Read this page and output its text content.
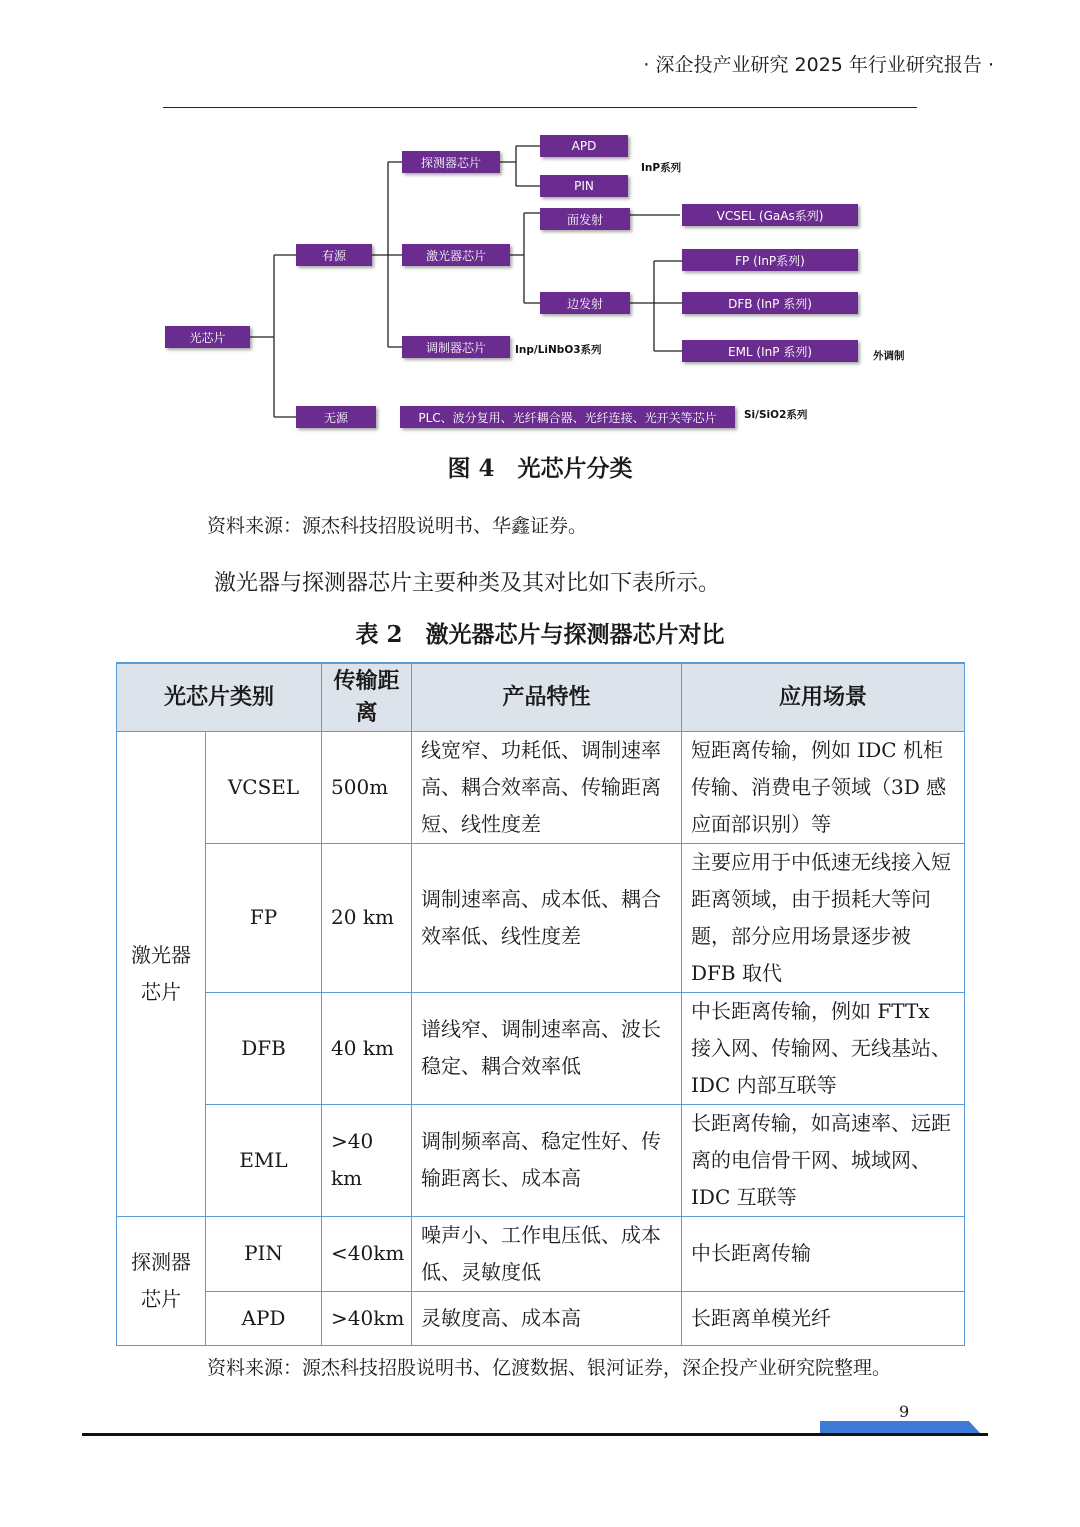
· 深企投产业研究 2025 年行业研究报告 ·
光芯片
有源
无源
探测器芯片
激光器芯片
调制器芯片
APD
PIN
InP系列
面发射
边发射
VCSEL (GaAs系列)
FP (InP系列)
DFB (InP 系列)
EML (InP 系列)	外调制
Inp/LiNbO3系列
PLC、波分复用、光纤耦合器、光纤连接、光开关等芯片	Si/SiO2系列
图 4　光芯片分类
资料来源：源杰科技招股说明书、华鑫证券。
激光器与探测器芯片主要种类及其对比如下表所示。
表 2　激光器芯片与探测器芯片对比
光芯片类别		传输距离	产品特性	应用场景
激光器芯片	VCSEL	500m	线宽窄、功耗低、调制速率高、耦合效率高、传输距离短、线性度差	短距离传输，例如 IDC 机柜传输、消费电子领域（3D 感应面部识别）等
	FP	20 km	调制速率高、成本低、耦合效率低、线性度差	主要应用于中低速无线接入短距离领域，由于损耗大等问题，部分应用场景逐步被 DFB 取代
	DFB	40 km	谱线窄、调制速率高、波长稳定、耦合效率低	中长距离传输，例如 FTTx 接入网、传输网、无线基站、IDC 内部互联等
	EML	>40 km	调制频率高、稳定性好、传输距离长、成本高	长距离传输，如高速率、远距离的电信骨干网、城域网、IDC 互联等
探测器芯片	PIN	<40km	噪声小、工作电压低、成本低、灵敏度低	中长距离传输
	APD	>40km	灵敏度高、成本高	长距离单模光纤
资料来源：源杰科技招股说明书、亿渡数据、银河证券，深企投产业研究院整理。
9
